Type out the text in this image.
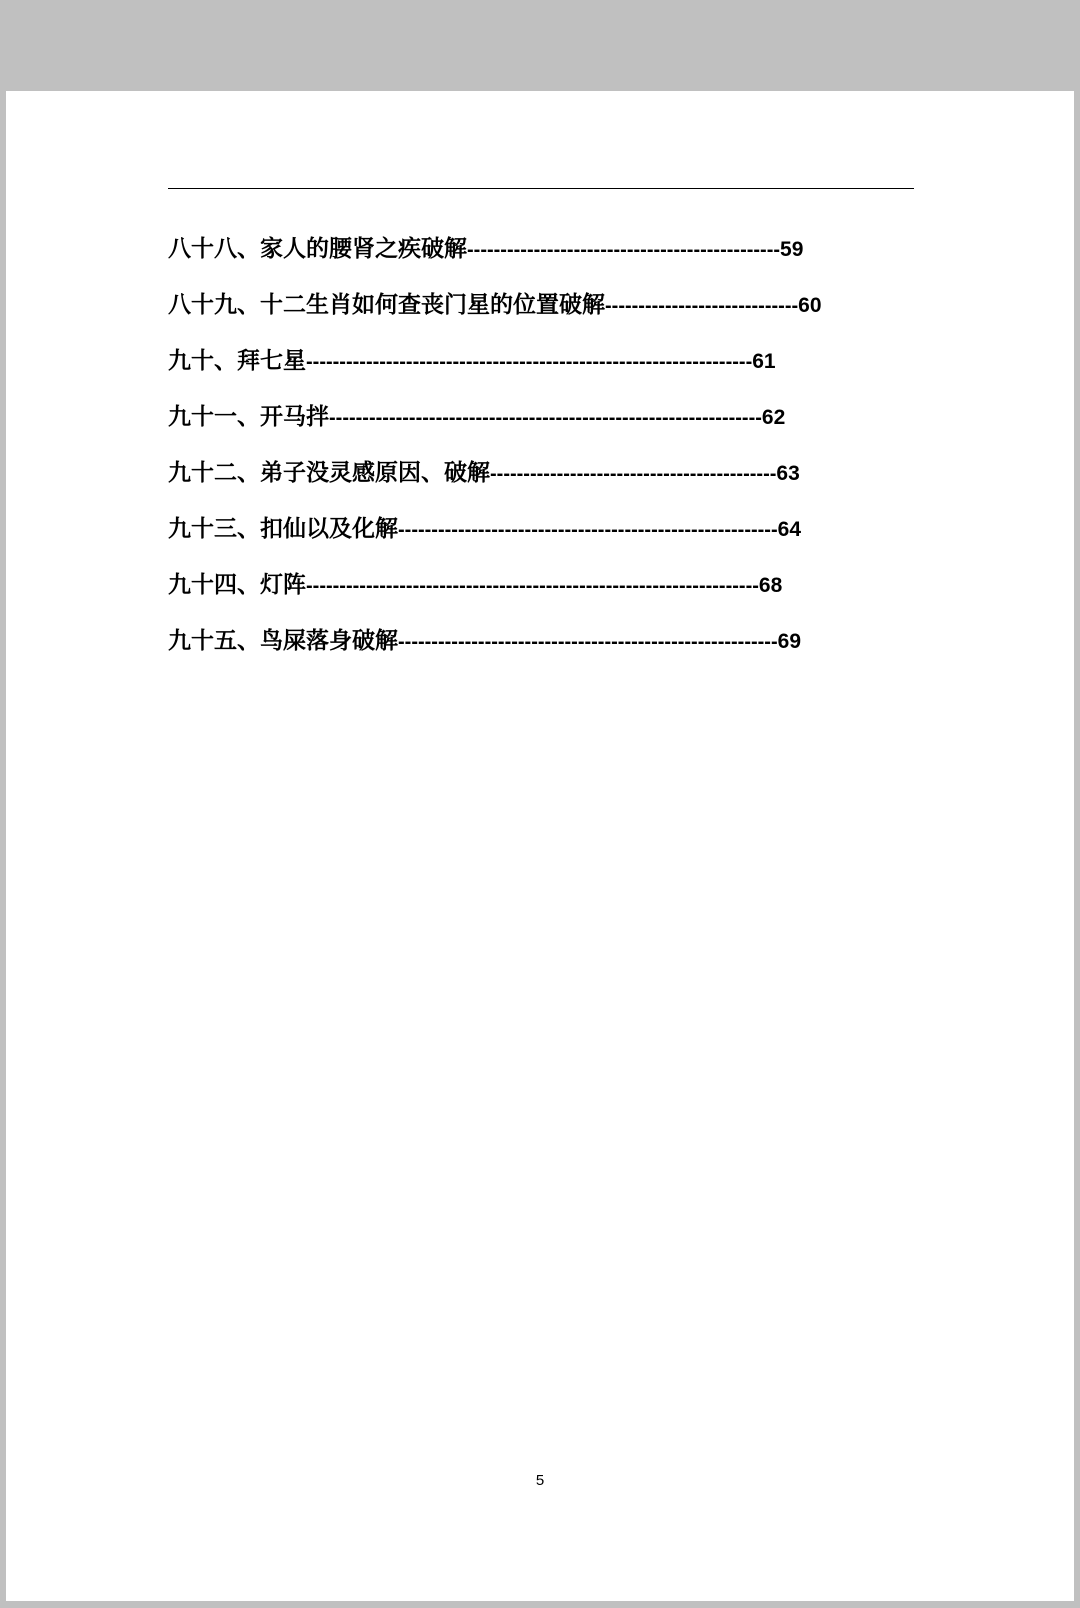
八十八、家人的腰肾之疾破解 ----------------------------------------------- 59
八十九、十二生肖如何查丧门星的位置破解 ----------------------------- 60
九十、拜七星 ------------------------------------------------------------------- 61
九十一、开马拌 ----------------------------------------------------------------- 62
九十二、弟子没灵感原因、破解 ------------------------------------------- 63
九十三、扣仙以及化解 --------------------------------------------------------- 64
九十四、灯阵 -------------------------------------------------------------------- 68
九十五、鸟屎落身破解 --------------------------------------------------------- 69
5
